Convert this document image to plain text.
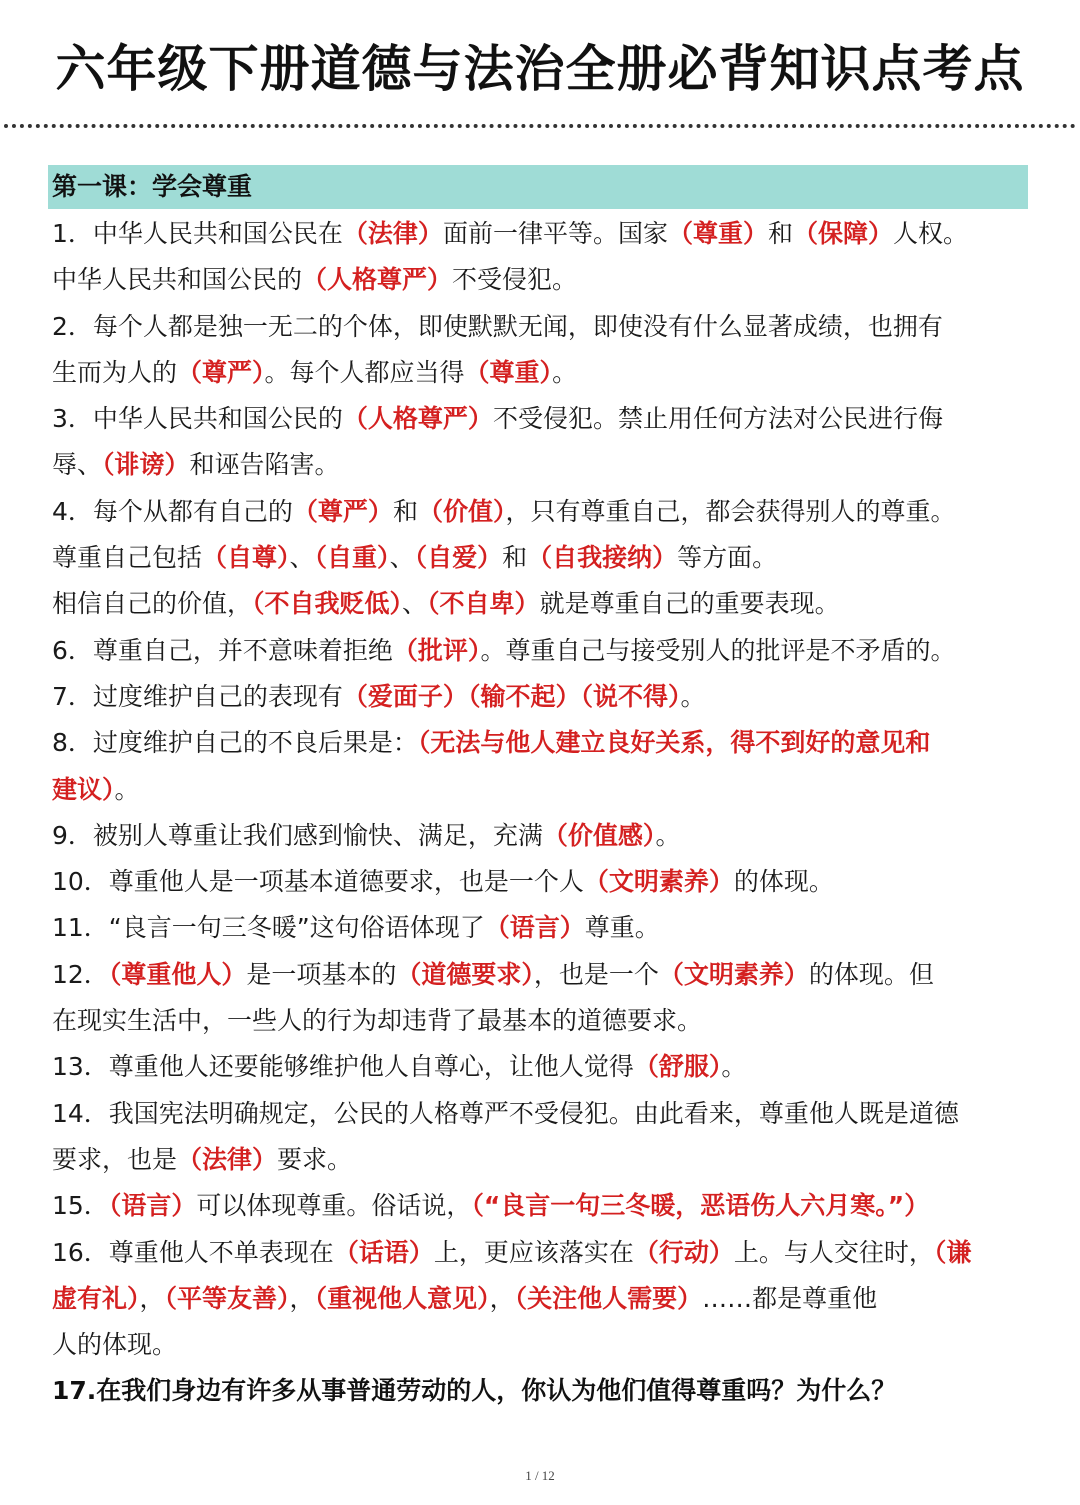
六年级下册道德与法治全册必背知识点考点
第一课：学会尊重

1．中华人民共和国公民在（法律）面前一律平等。国家（尊重）和（保障）人权。

中华人民共和国公民的（人格尊严）不受侵犯。

2．每个人都是独一无二的个体，即使默默无闻，即使没有什么显著成绩，也拥有

生而为人的（尊严）。每个人都应当得（尊重）。

3．中华人民共和国公民的（人格尊严）不受侵犯。禁止用任何方法对公民进行侮

辱、（诽谤）和诬告陷害。

4．每个从都有自己的（尊严）和（价值），只有尊重自己，都会获得别人的尊重。

尊重自己包括（自尊）、（自重）、（自爱）和（自我接纳）等方面。

相信自己的价值，（不自我贬低）、（不自卑）就是尊重自己的重要表现。

6．尊重自己，并不意味着拒绝（批评）。尊重自己与接受别人的批评是不矛盾的。

7．过度维护自己的表现有（爱面子）（输不起）（说不得）。

8．过度维护自己的不良后果是：（无法与他人建立良好关系，得不到好的意见和

建议）。

9．被别人尊重让我们感到愉快、满足，充满（价值感）。

10．尊重他人是一项基本道德要求，也是一个人（文明素养）的体现。

11．“良言一句三冬暖”这句俗语体现了（语言）尊重。

12．（尊重他人）是一项基本的（道德要求），也是一个（文明素养）的体现。但

在现实生活中，一些人的行为却违背了最基本的道德要求。

13．尊重他人还要能够维护他人自尊心，让他人觉得（舒服）。

14．我国宪法明确规定，公民的人格尊严不受侵犯。由此看来，尊重他人既是道德

要求，也是（法律）要求。

15．（语言）可以体现尊重。俗话说，（“良言一句三冬暖，恶语伤人六月寒。”）

16．尊重他人不单表现在（话语）上，更应该落实在（行动）上。与人交往时，（谦

虚有礼），（平等友善），（重视他人意见），（关注他人需要）……都是尊重他

人的体现。

17.在我们身边有许多从事普通劳动的人，你认为他们值得尊重吗？为什么？

1 / 12
